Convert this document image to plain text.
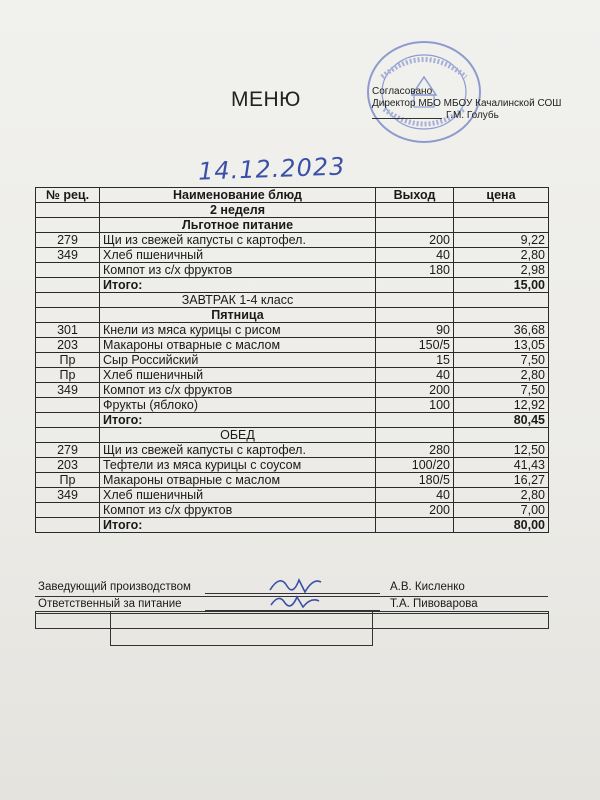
МЕНЮ	Согласовано
Директор МБО МБОУ Качалинской СОШ
Г.М. Голубь
14.12.2023
№ рец.	Наименование блюд	Выход	цена
	2 неделя		
	Льготное питание		
279	Щи из свежей капусты с картофел.	200	9,22
349	Хлеб пшеничный	40	2,80
	Компот из с/х фруктов	180	2,98
	Итого:		15,00
	ЗАВТРАК 1-4 класс		
	Пятница		
301	Кнели из мяса курицы с рисом	90	36,68
203	Макароны отварные с маслом	150/5	13,05
Пр	Сыр Российский	15	7,50
Пр	Хлеб пшеничный	40	2,80
349	Компот из с/х фруктов	200	7,50
	Фрукты (яблоко)	100	12,92
	Итого:		80,45
	ОБЕД		
279	Щи из свежей капусты с картофел.	280	12,50
203	Тефтели из мяса курицы с соусом	100/20	41,43
Пр	Макароны отварные с маслом	180/5	16,27
349	Хлеб пшеничный	40	2,80
	Компот из с/х фруктов	200	7,00
	Итого:		80,00
Заведующий производством	А.В. Кисленко
Ответственный за питание	Т.А. Пивоварова
